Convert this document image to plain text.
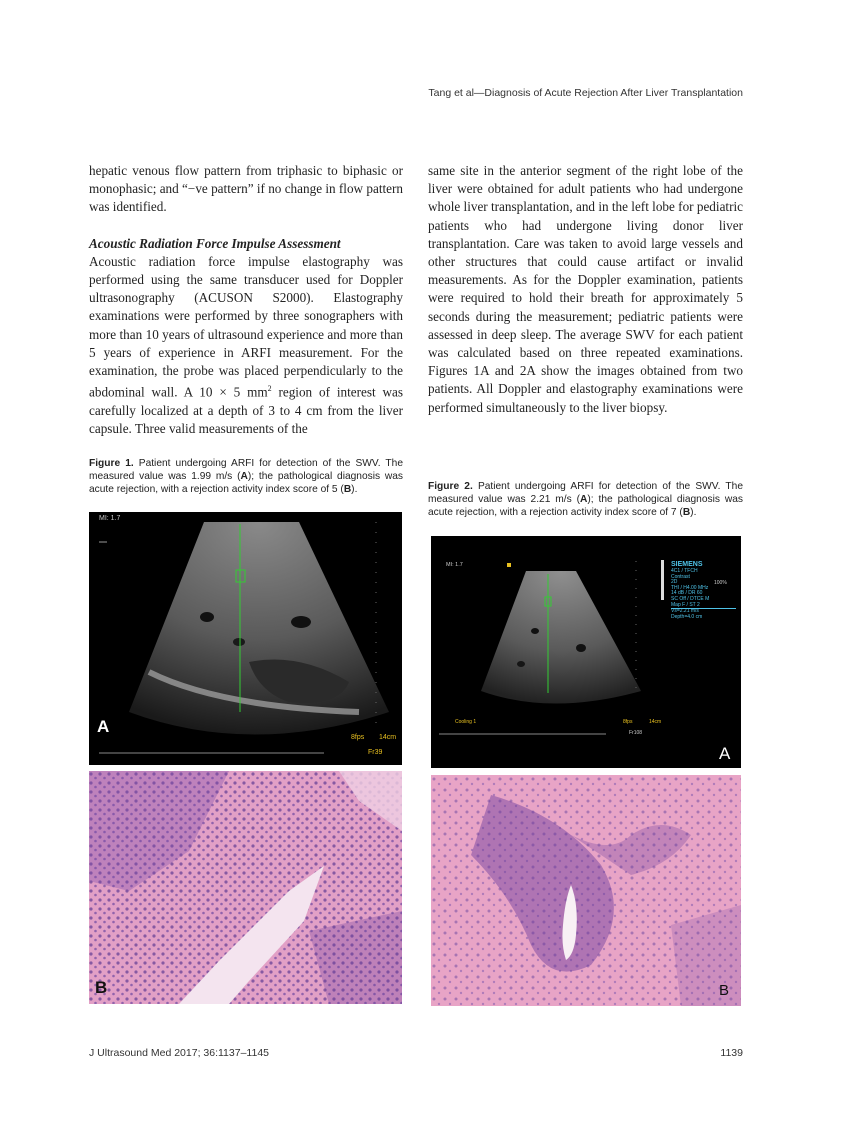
Tang et al—Diagnosis of Acute Rejection After Liver Transplantation

hepatic venous flow pattern from triphasic to biphasic or monophasic; and “−ve pattern” if no change in flow pattern was identified.

Acoustic Radiation Force Impulse Assessment

Acoustic radiation force impulse elastography was performed using the same transducer used for Doppler ultrasonography (ACUSON S2000). Elastography examinations were performed by three sonographers with more than 10 years of ultrasound experience and more than 5 years of experience in ARFI measurement. For the examination, the probe was placed perpendicularly to the abdominal wall. A 10 × 5 $mm^2$ region of interest was carefully localized at a depth of 3 to 4 cm from the liver capsule. Three valid measurements of the

same site in the anterior segment of the right lobe of the liver were obtained for adult patients who had undergone whole liver transplantation, and in the left lobe for pediatric patients who had undergone living donor liver transplantation. Care was taken to avoid large vessels and other structures that could cause artifact or invalid measurements. As for the Doppler examination, patients were required to hold their breath for approximately 5 seconds during the measurement; pediatric patients were assessed in deep sleep. The average SWV for each patient was calculated based on three repeated examinations. Figures 1A and 2A show the images obtained from two patients. All Doppler and elastography examinations were performed simultaneously to the liver biopsy.

Figure 1. Patient undergoing ARFI for detection of the SWV. The measured value was 1.99 m/s (A); the pathological diagnosis was acute rejection, with a rejection activity index score of 5 (B).	Figure 2. Patient undergoing ARFI for detection of the SWV. The measured value was 2.21 m/s (A); the pathological diagnosis was acute rejection, with a rejection activity index score of 7 (B).
MI: 1.7
8fps 14cm
Fr39
A
B
MI: 1.7	SIEMENS
4C1 / TFCH
Contrast
2D
THI / H4.00 MHz
14 dB / DR 60
SC Off / DTCE M
Map F / ST 2
Vs=2.21 m/s
Depth=4.0 cm
100%
Cooling 1	8fps	14cm
Fr108
A
B
J Ultrasound Med 2017; 36:1137–1145	1139
